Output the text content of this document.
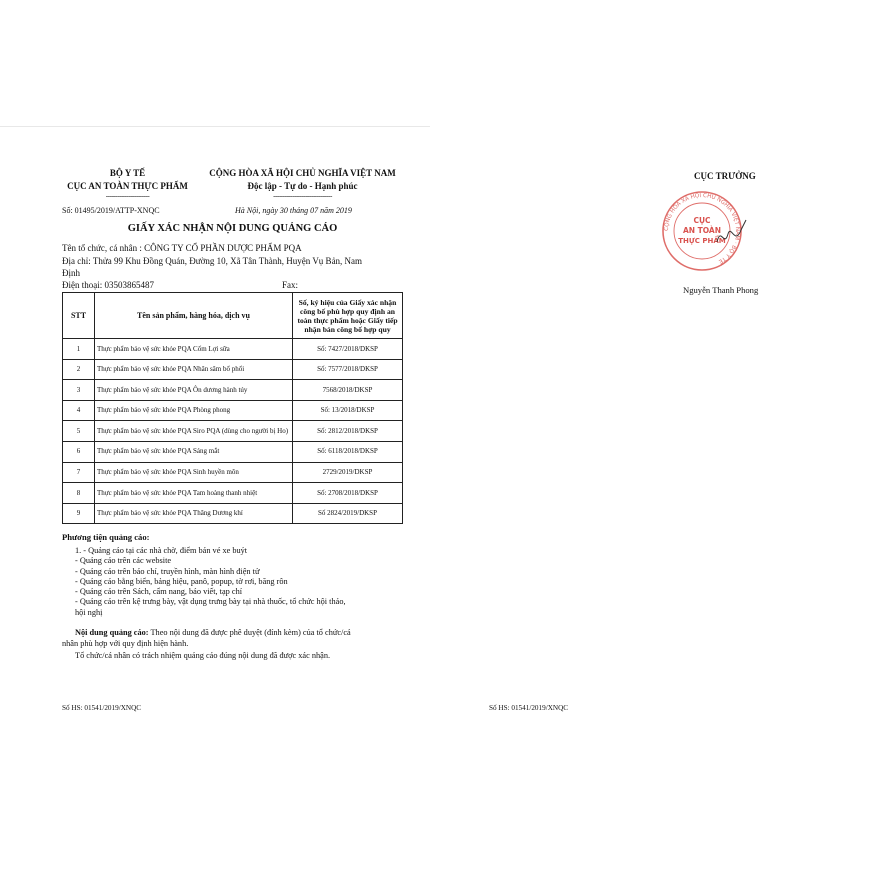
BỘ Y TẾ
CỤC AN TOÀN THỰC PHẨM
-----------------------
Số: 01495/2019/ATTP-XNQC
CỘNG HÒA XÃ HỘI CHỦ NGHĨA VIỆT NAM
Độc lập - Tự do - Hạnh phúc
-------------------------------
Hà Nội, ngày 30 tháng 07 năm 2019
GIẤY XÁC NHẬN NỘI DUNG QUẢNG CÁO
Tên tổ chức, cá nhân : CÔNG TY CỔ PHẦN DƯỢC PHẨM PQA
Địa chỉ: Thửa 99 Khu Đồng Quán, Đường 10, Xã Tân Thành, Huyện Vụ Bản, Nam
Định
Điện thoại: 03503865487	Fax:
STT	Tên sản phẩm, hàng hóa, dịch vụ	Số, ký hiệu của Giấy xác nhận công bố phù hợp quy định an toàn thực phẩm hoặc Giấy tiếp nhận bản công bố hợp quy
1	Thực phẩm bảo vệ sức khỏe PQA Cốm Lợi sữa	Số: 7427/2018/DKSP
2	Thực phẩm bảo vệ sức khỏe PQA Nhân sâm bổ phổi	Số: 7577/2018/DKSP
3	Thực phẩm bảo vệ sức khỏe PQA Ôn dương hành túy	7568/2018/DKSP
4	Thực phẩm bảo vệ sức khỏe PQA Phòng phong	Số: 13/2018/DKSP
5	Thực phẩm bảo vệ sức khỏe PQA Siro PQA (dùng cho người bị Ho)	Số: 2812/2018/DKSP
6	Thực phẩm bảo vệ sức khỏe PQA Sáng mắt	Số: 6118/2018/DKSP
7	Thực phẩm bảo vệ sức khỏe PQA Sinh huyền môn	2729/2019/DKSP
8	Thực phẩm bảo vệ sức khỏe PQA Tam hoàng thanh nhiệt	Số: 2708/2018/DKSP
9	Thực phẩm bảo vệ sức khỏe PQA Thăng Dương khí	Số 2824/2019/DKSP
Phương tiện quảng cáo:
1. - Quảng cáo tại các nhà chờ, điểm bán vé xe buýt
- Quảng cáo trên các website
- Quảng cáo trên báo chí, truyền hình, màn hình điện tử
- Quảng cáo bằng biển, bảng hiệu, panô, popup, tờ rơi, băng rôn
- Quảng cáo trên Sách, cẩm nang, báo viết, tạp chí
- Quảng cáo trên kệ trưng bày, vật dụng trưng bày tại nhà thuốc, tổ chức hội thảo,
hội nghị
Nội dung quảng cáo: Theo nội dung đã được phê duyệt (đính kèm) của tổ chức/cá
nhân phù hợp với quy định hiện hành.
Tổ chức/cá nhân có trách nhiệm quảng cáo đúng nội dung đã được xác nhận.
Số HS: 01541/2019/XNQC	Số HS: 01541/2019/XNQC
CỤC TRƯỞNG
CỘNG HÒA XÃ HỘI CHỦ NGHĨA VIỆT NAM · BỘ Y TẾ
CỤC
AN TOÀN
THỰC PHẨM
Nguyễn Thanh Phong
